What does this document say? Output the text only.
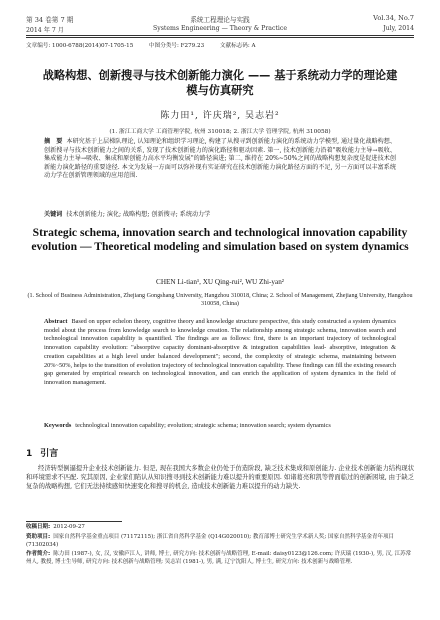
第 34 卷第 7 期	系统工程理论与实践	Vol.34, No.7
2014 年 7 月	Systems Engineering — Theory & Practice	July, 2014
文章编号: 1000-6788(2014)07-1705-15	中图分类号: F279.23	文献标志码: A
战略构想、创新搜寻与技术创新能力演化 —— 基于系统动力学的理论建模与仿真研究
陈力田¹, 许庆瑞², 吴志岩²
(1. 浙江工商大学 工商管理学院, 杭州 310018; 2. 浙江大学 管理学院, 杭州 310058)
摘　要 本研究基于上层梯队理论, 认知理论和组织学习理论, 构建了从搜寻到创新能力演化的系统动力学模型, 通过量化战略构想、创新搜寻与技术创新能力之间的关系, 发现了技术创新能力的演化路径和驱动因素. 第一, 技术创新能力沿着"吸收能力主导→吸收、集成能力主导→吸收、集成和原创能力高水平均衡发展"的路径演进; 第二, 维持在 20%~50%之间的战略构想复杂度是促进技术创新能力演化路径的重要途径. 本文为发展一方面可以弥补现有实证研究在技术创新能力演化路径方面的不足, 另一方面可以丰富系统动力学在创新管理领域的应用范围.
关键词 技术创新能力; 演化; 战略构想; 创新搜寻; 系统动力学
Strategic schema, innovation search and technological innovation capability evolution — Theoretical modeling and simulation based on system dynamics
CHEN Li-tian¹, XU Qing-rui², WU Zhi-yan²
(1. School of Business Administration, Zhejiang Gongshang University, Hangzhou 310018, China; 2. School of Management, Zhejiang University, Hangzhou 310058, China)
Abstract Based on upper echelon theory, cognitive theory and knowledge structure perspective, this study constructed a system dynamics model about the process from knowledge search to knowledge creation. The relationship among strategic schema, innovation search and technological innovation capability is quantified. The findings are as follows: first, there is an important trajectory of technological innovation capability evolution: "absorptive capacity dominant-absorptive & integration capabilities lead- absorptive, integration & creation capabilities at a high level under balanced development"; second, the complexity of strategic schema, maintaining between 20%~50%, helps to the transition of evolution trajectory of technological innovation capability. These findings can fill the existing research gap generated by empirical research on technological innovation, and can enrich the application of system dynamics in the field of innovation management.
Keywords technological innovation capability; evolution; strategic schema; innovation search; system dynamics
1 引言
经济转型倒逼提升企业技术创新能力. 但是, 现在我国大多数企业仍处于仿造阶段, 缺乏技术集成和原创能力. 企业技术创新能力结构现状和环境需求不匹配. 究其原因, 企业家们陷认从知识搜寻到技术创新能力难以提升的重要原因. 如诸葛亮和凯等曾面临过的创新困境, 由于缺乏复杂的战略构想, 它们无法持续感知快速变化和搜寻的机会, 造成技术创新能力难以提升的动力缺失.
收稿日期: 2012-09-27
资助项目: 国家自然科学基金重点项目 (71172115); 浙江省自然科学基金 (Q14G020010); 教育部博士研究生学术新人奖; 国家自然科学基金青年项目 (71302034)
作者简介: 陈力田 (1987-), 女, 汉, 安徽庐江人, 讲师, 博士, 研究方向: 技术创新与战略管理, E-mail: daisy0123@126.com; 许庆瑞 (1930-), 男, 汉, 江苏常州人, 教授, 博士生导师, 研究方向: 技术创新与战略管理; 吴志岩 (1981-), 男, 满, 辽宁沈阳人, 博士生, 研究方向: 技术创新与战略管理.
